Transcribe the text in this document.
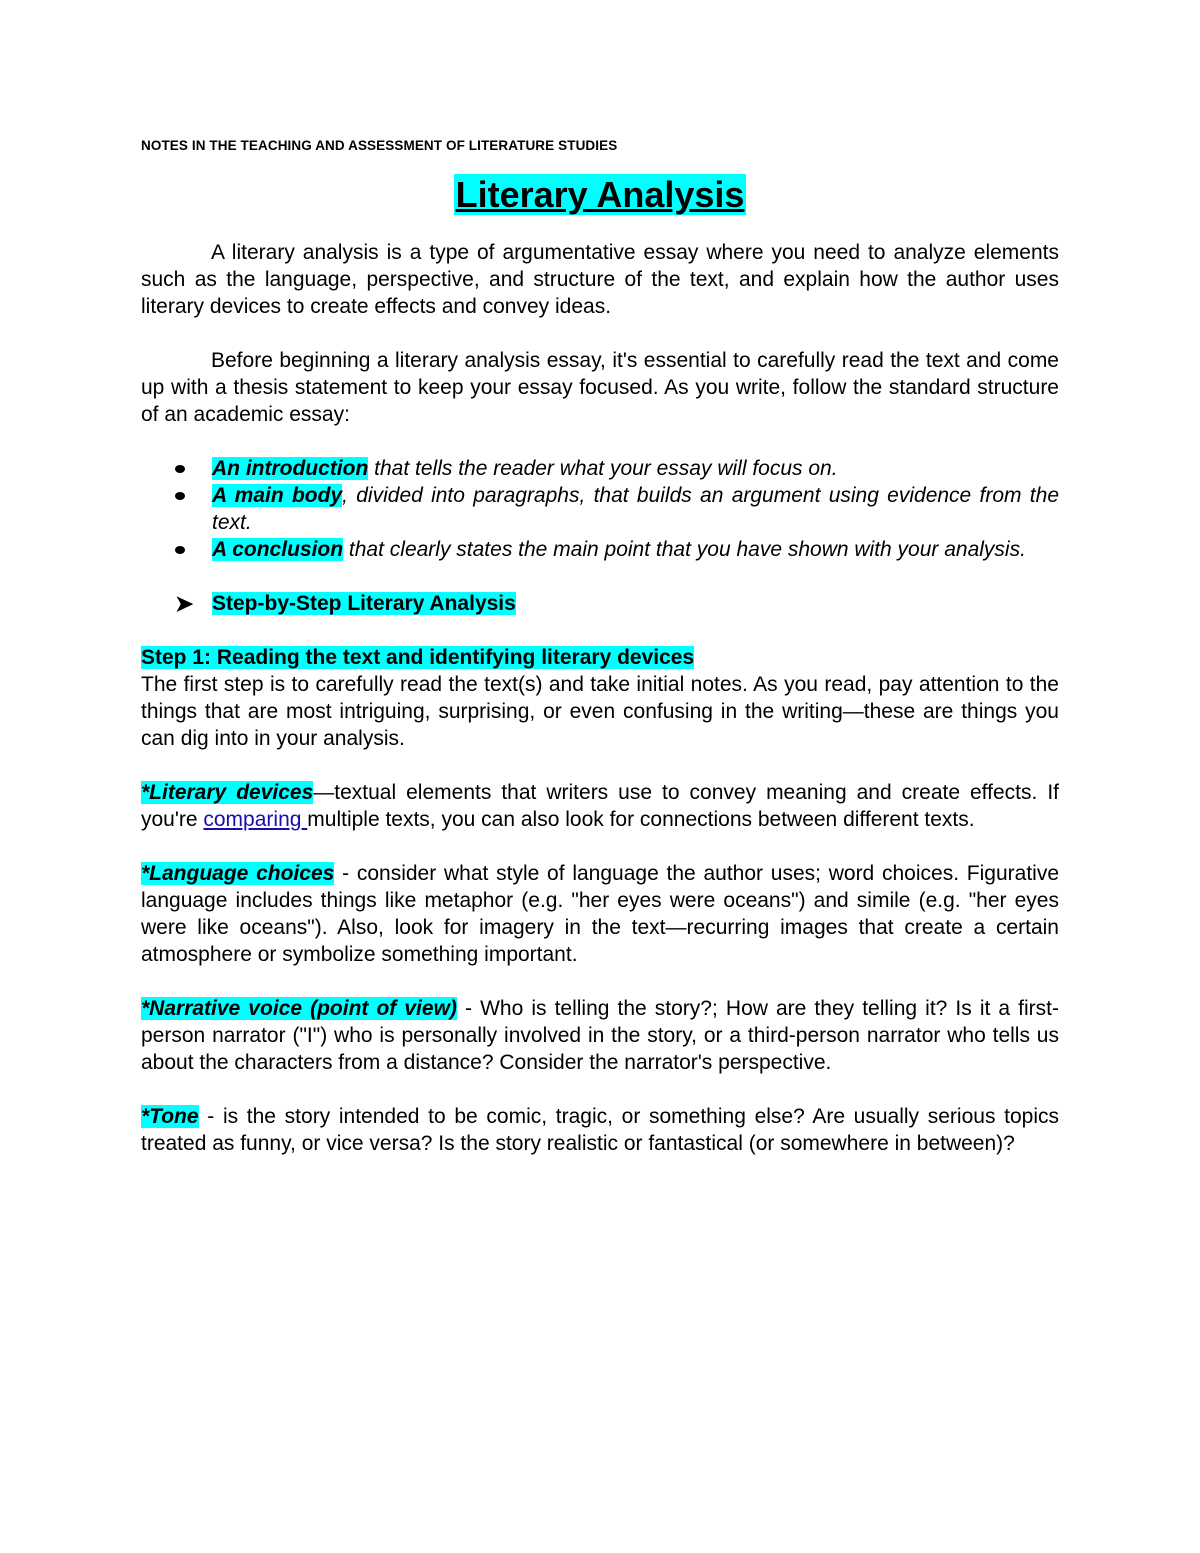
NOTES IN THE TEACHING AND ASSESSMENT OF LITERATURE STUDIES
Literary Analysis

A literary analysis is a type of argumentative essay where you need to analyze elements such as the language, perspective, and structure of the text, and explain how the author uses literary devices to create effects and convey ideas.

Before beginning a literary analysis essay, it's essential to carefully read the text and come up with a thesis statement to keep your essay focused. As you write, follow the standard structure of an academic essay:

An introduction that tells the reader what your essay will focus on.
A main body, divided into paragraphs, that builds an argument using evidence from the text.
A conclusion that clearly states the main point that you have shown with your analysis.
➤ Step-by-Step Literary Analysis
Step 1: Reading the text and identifying literary devices

The first step is to carefully read the text(s) and take initial notes. As you read, pay attention to the things that are most intriguing, surprising, or even confusing in the writing—these are things you can dig into in your analysis.

*Literary devices—textual elements that writers use to convey meaning and create effects. If you're comparing multiple texts, you can also look for connections between different texts.

*Language choices - consider what style of language the author uses; word choices. Figurative language includes things like metaphor (e.g. "her eyes were oceans") and simile (e.g. "her eyes were like oceans"). Also, look for imagery in the text—recurring images that create a certain atmosphere or symbolize something important.

*Narrative voice (point of view) - Who is telling the story?; How are they telling it? Is it a first-person narrator ("I") who is personally involved in the story, or a third-person narrator who tells us about the characters from a distance? Consider the narrator's perspective.

*Tone - is the story intended to be comic, tragic, or something else? Are usually serious topics treated as funny, or vice versa? Is the story realistic or fantastical (or somewhere in between)?
